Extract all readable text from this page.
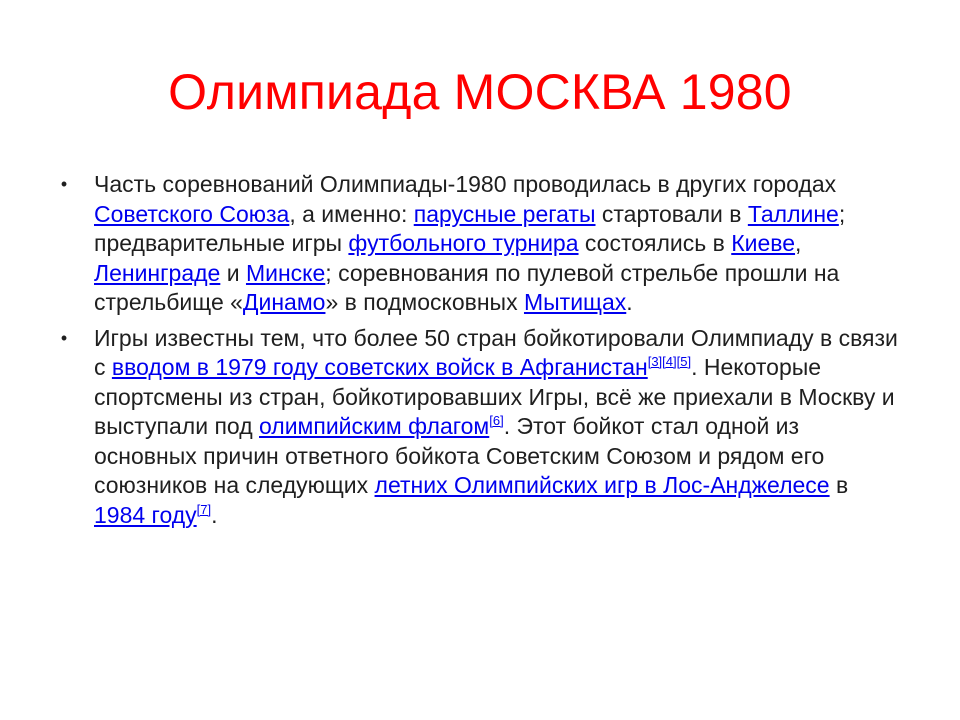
Олимпиада МОСКВА 1980
• Часть соревнований Олимпиады-1980 проводилась в других городах Советского Союза, а именно: парусные регаты стартовали в Таллине; предварительные игры футбольного турнира состоялись в Киеве, Ленинграде и Минске; соревнования по пулевой стрельбе прошли на стрельбище «Динамо» в подмосковных Мытищах.
• Игры известны тем, что более 50 стран бойкотировали Олимпиаду в связи с вводом в 1979 году советских войск в Афганистан[3][4][5]. Некоторые спортсмены из стран, бойкотировавших Игры, всё же приехали в Москву и выступали под олимпийским флагом[6]. Этот бойкот стал одной из основных причин ответного бойкота Советским Союзом и рядом его союзников на следующих летних Олимпийских игр в Лос-Анджелесе в 1984 году[7].
